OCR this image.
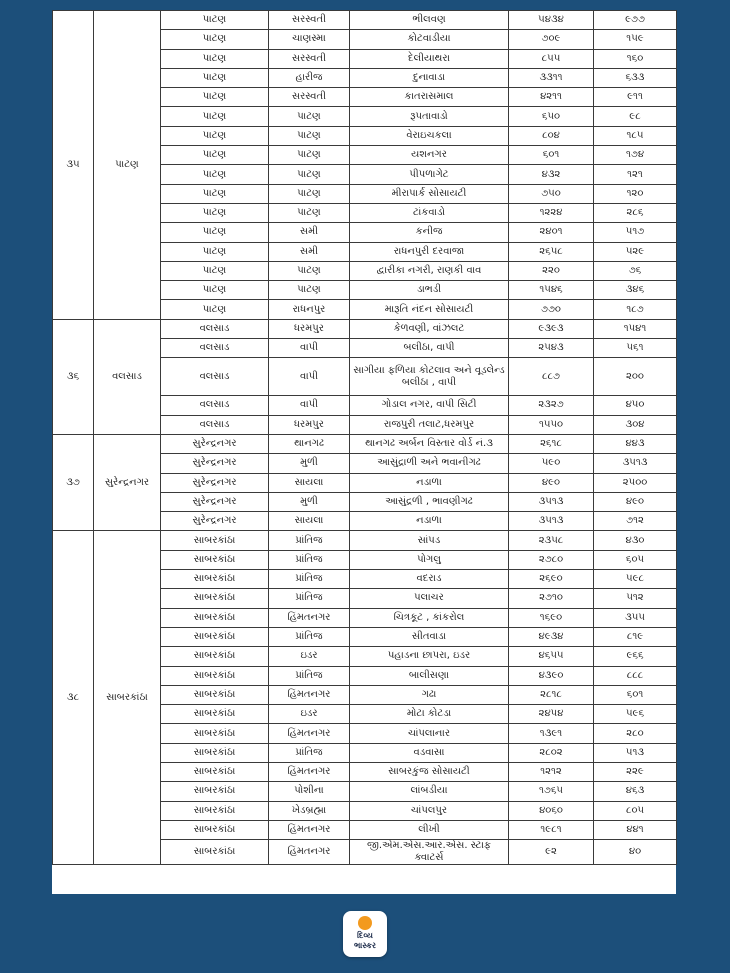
૩૫	પાટણ	પાટણ	સરસ્વતી	ભીલવણ	૫૪૩૪	૯૭૭
		પાટણ	ચાણસ્મા	કોટવાડીયા	૭૦૯	૧૫૯
		પાટણ	સરસ્વતી	દેલીયાથરા	૮૫૫	૧૬૦
		પાટણ	હારીજ	દુનાવાડા	૩૩૧૧	૬૩૩
		પાટણ	સરસ્વતી	કાતરાસમાલ	૪૨૧૧	૯૧૧
		પાટણ	પાટણ	રૂપતાવાડો	૬૫૦	૯૮
		પાટણ	પાટણ	વેરાઇચકલા	૮૦૪	૧૮૫
		પાટણ	પાટણ	યશનગર	૬૦૧	૧૭૪
		પાટણ	પાટણ	પીપળાગેટ	૪૩૨	૧૨૧
		પાટણ	પાટણ	મીરાપાર્ક સોસાયટી	૭૫૦	૧૨૦
		પાટણ	પાટણ	ટાંકવાડો	૧૨૨૪	૨૮૬
		પાટણ	સમી	કનીજ	૨૪૦૧	૫૧૭
		પાટણ	સમી	રાધનપુરી દરવાજા	૨૬૫૮	૫૨૯
		પાટણ	પાટણ	દ્વારીકા નગરી, રાણકી વાવ	૨૨૦	૭૬
		પાટણ	પાટણ	ડાભડી	૧૫૪૬	૩૪૬
		પાટણ	રાધનપુર	મારૂતિ નંદન સોસાયટી	૭૭૦	૧૮૭
૩૬	વલસાડ	વલસાડ	ધરમપુર	કેળવણી, વાંઝલટ	૯૩૯૩	૧૫૪૧
		વલસાડ	વાપી	બલીઠા, વાપી	૨૫૪૩	૫૬૧
		વલસાડ	વાપી	સાગીયા ફળિયા કોટલાવ અને વૂડલેન્ડ બલીઠા , વાપી	૮૮૭	૨૦૦
		વલસાડ	વાપી	ગોડાલ નગર, વાપી સિટી	૨૩૨૭	૪૫૦
		વલસાડ	ધરમપુર	રાજપુરી તલાટ,ધરમપુર	૧૫૫૦	૩૦૪
૩૭	સુરેન્દ્રનગર	સુરેન્દ્રનગર	થાનગઢ	થાનગઢ અર્બન વિસ્તાર વોર્ડ નં.૩	૨૬૧૮	૪૪૩
		સુરેન્દ્રનગર	મુળી	આસુંદ્રાળી અને ભવાનીગઢ	૫૯૦	૩૫૧૩
		સુરેન્દ્રનગર	સાયલા	નડાળા	૪૯૦	૨૫૦૦
		સુરેન્દ્રનગર	મુળી	આસુંદ્રળી , ભાવણીગઢ	૩૫૧૩	૪૯૦
		સુરેન્દ્રનગર	સાયલા	નડાળા	૩૫૧૩	૭૧૨
૩૮	સાબરકાંઠા	સાબરકાંઠા	પ્રાંતિજ	સાંપડ	૨૩૫૮	૪૩૦
		સાબરકાંઠા	પ્રાંતિજ	પોગલુ	૨૭૮૦	૬૦૫
		સાબરકાંઠા	પ્રાંતિજ	વદરાડ	૨૬૯૦	૫૯૮
		સાબરકાંઠા	પ્રાંતિજ	પલાચર	૨૭૧૦	૫૧૨
		સાબરકાંઠા	હિંમતનગર	ચિત્રકૂટ , કાંકરોલ	૧૬૯૦	૩૫૫
		સાબરકાંઠા	પ્રાંતિજ	સીતવાડા	૪૯૩૪	૮૧૯
		સાબરકાંઠા	ઇડર	પહાડના છાપરા, ઇડર	૪૬૫૫	૯૬૬
		સાબરકાંઠા	પ્રાંતિજ	બાલીસણા	૪૩૯૦	૮૮૮
		સાબરકાંઠા	હિંમતનગર	ગઢા	૨૮૧૮	૬૦૧
		સાબરકાંઠા	ઇડર	મોટા કોટડા	૨૪૫૪	૫૯૬
		સાબરકાંઠા	હિંમતનગર	ચાંપલાનાર	૧૩૯૧	૨૮૦
		સાબરકાંઠા	પ્રાંતિજ	વડવાસા	૨૮૦૨	૫૧૩
		સાબરકાંઠા	હિંમતનગર	સાબરકુંજ સોસાયટી	૧૨૧૨	૨૨૯
		સાબરકાંઠા	પોશીના	લાંબડીયા	૧૭૬૫	૪૬૩
		સાબરકાંઠા	ખેડબ્રહ્મા	ચાંપલપુર	૪૦૬૦	૮૦૫
		સાબરકાંઠા	હિંમતનગર	લીખી	૧૯૮૧	૪૪૧
		સાબરકાંઠા	હિંમતનગર	જી.એમ.એસ.આર.એસ. સ્ટાફ ક્વાટર્સ	૯૨	૪૦
દિવ્ય
ભાસ્કર
